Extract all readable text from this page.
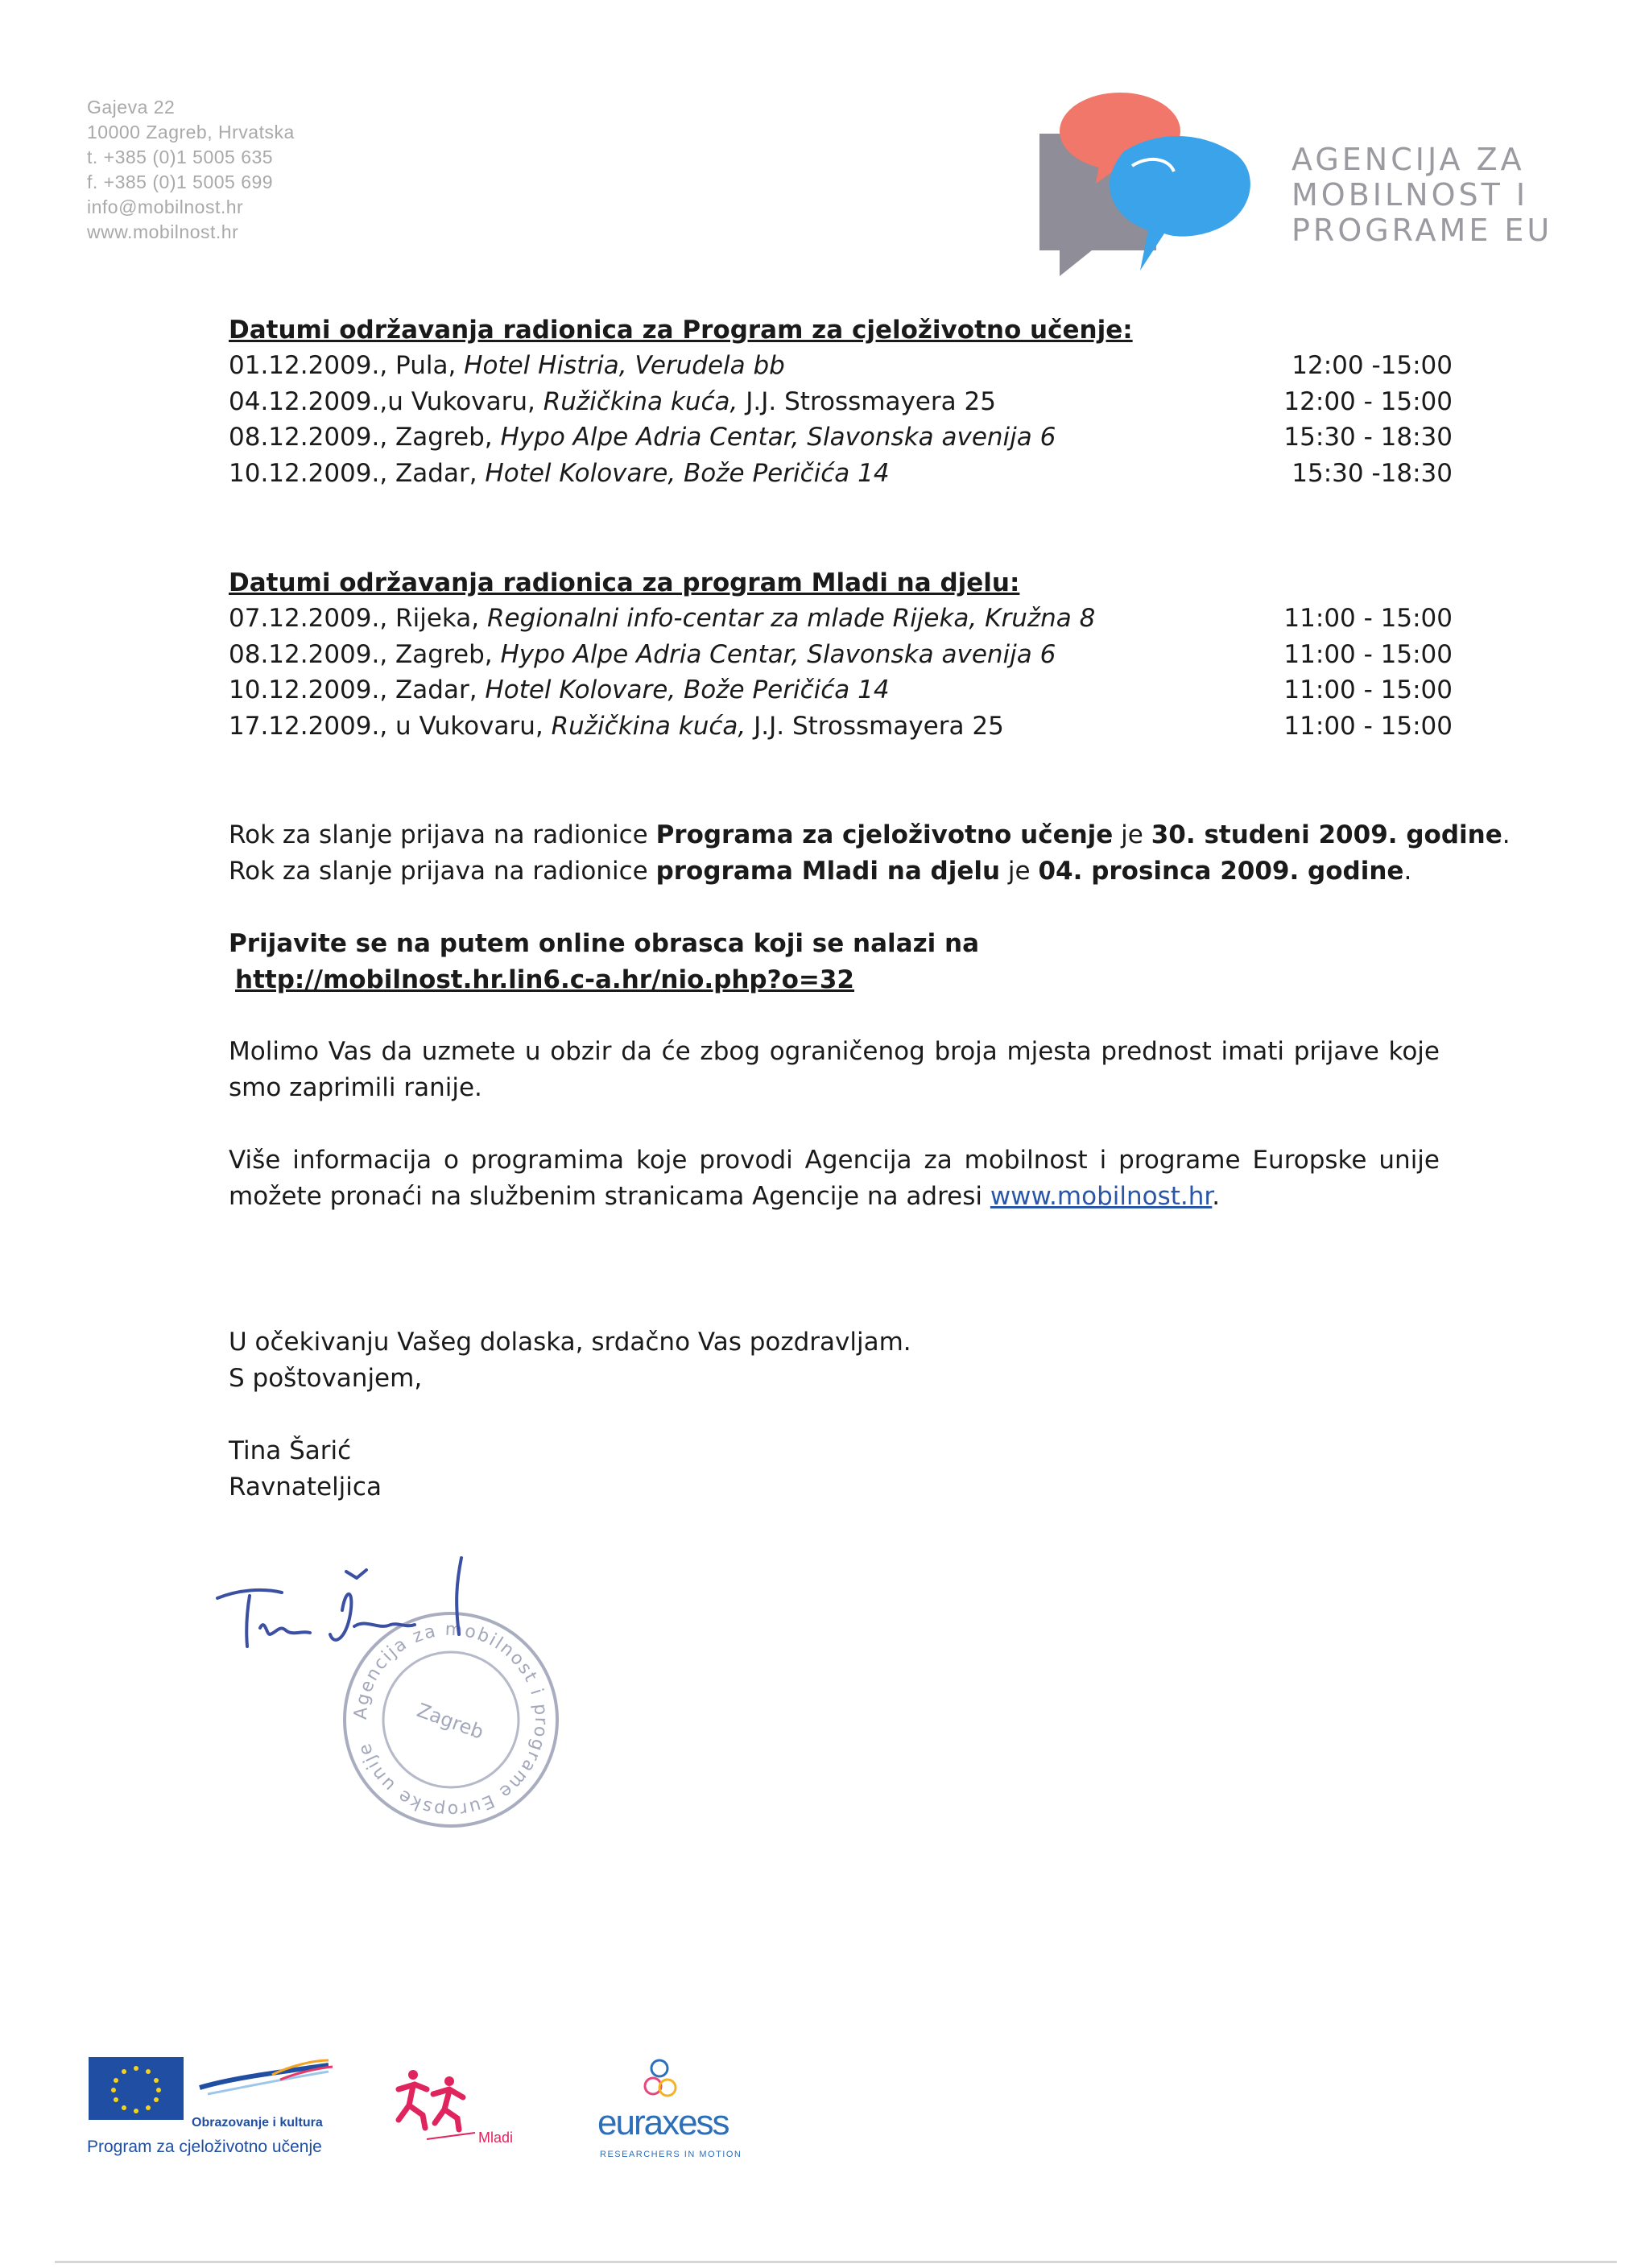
Gajeva 22
10000 Zagreb, Hrvatska
t. +385 (0)1 5005 635
f. +385 (0)1 5005 699
info@mobilnost.hr
www.mobilnost.hr
AGENCIJA ZA
MOBILNOST I
PROGRAME EU
Datumi održavanja radionica za Program za cjeloživotno učenje:
01.12.2009., Pula, Hotel Histria, Verudela bb	12:00 -15:00
04.12.2009.,u Vukovaru, Ružičkina kuća, J.J. Strossmayera 25	12:00 - 15:00
08.12.2009., Zagreb, Hypo Alpe Adria Centar, Slavonska avenija 6	15:30 - 18:30
10.12.2009., Zadar, Hotel Kolovare, Bože Peričića 14	15:30 -18:30
Datumi održavanja radionica za program Mladi na djelu:
07.12.2009., Rijeka, Regionalni info-centar za mlade Rijeka, Kružna 8	11:00 - 15:00
08.12.2009., Zagreb, Hypo Alpe Adria Centar, Slavonska avenija 6	11:00 - 15:00
10.12.2009., Zadar, Hotel Kolovare, Bože Peričića 14	11:00 - 15:00
17.12.2009., u Vukovaru, Ružičkina kuća, J.J. Strossmayera 25	11:00 - 15:00
Rok za slanje prijava na radionice Programa za cjeloživotno učenje je 30. studeni 2009. godine.
Rok za slanje prijava na radionice programa Mladi na djelu je 04. prosinca 2009. godine.
Prijavite se na putem online obrasca koji se nalazi na
http://mobilnost.hr.lin6.c-a.hr/nio.php?o=32
Molimo Vas da uzmete u obzir da će zbog ograničenog broja mjesta prednost imati prijave koje smo zaprimili ranije.
Više informacija o programima koje provodi Agencija za mobilnost i programe Europske unije možete pronaći na službenim stranicama Agencije na adresi www.mobilnost.hr.
U očekivanju Vašeg dolaska, srdačno Vas pozdravljam.
S poštovanjem,
Tina Šarić
Ravnateljica
Agencija za mobilnost i programe Europske unije
Zagreb
Obrazovanje i kultura
Program za cjeloživotno učenje	Mladi euraxess
RESEARCHERS IN MOTION
